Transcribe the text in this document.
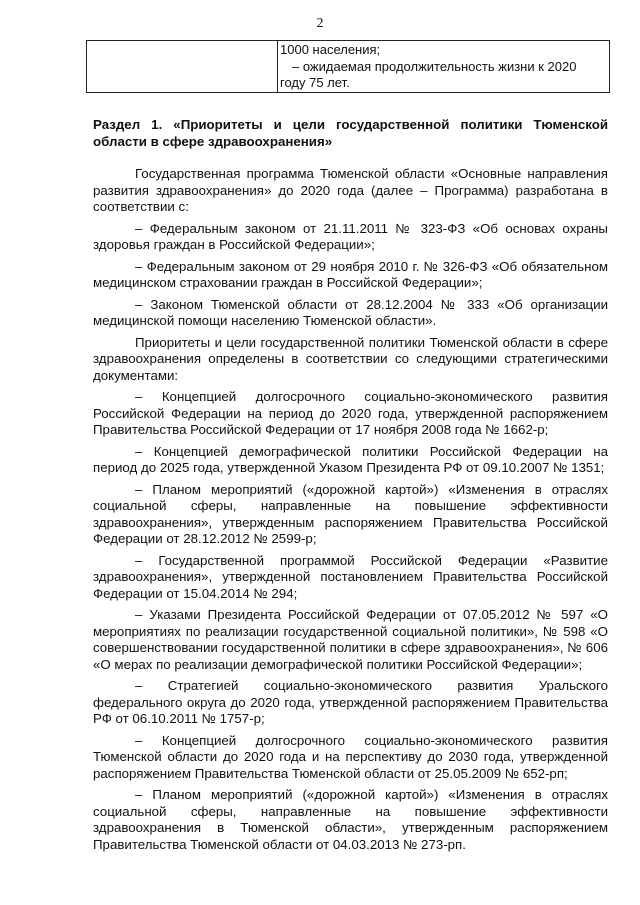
2

1000 населения;
– ожидаемая продолжительность жизни к 2020
году 75 лет.
Раздел 1. «Приоритеты и цели государственной политики Тюменской области в сфере здравоохранения»

Государственная программа Тюменской области «Основные направления развития здравоохранения» до 2020 года (далее – Программа) разработана в соответствии с:

– Федеральным законом от 21.11.2011 № 323-ФЗ «Об основах охраны здоровья граждан в Российской Федерации»;

– Федеральным законом от 29 ноября 2010 г. № 326-ФЗ «Об обязательном медицинском страховании граждан в Российской Федерации»;

– Законом Тюменской области от 28.12.2004 № 333 «Об организации медицинской помощи населению Тюменской области».

Приоритеты и цели государственной политики Тюменской области в сфере здравоохранения определены в соответствии со следующими стратегическими документами:

– Концепцией долгосрочного социально-экономического развития Российской Федерации на период до 2020 года, утвержденной распоряжением Правительства Российской Федерации от 17 ноября 2008 года № 1662-р;

– Концепцией демографической политики Российской Федерации на период до 2025 года, утвержденной Указом Президента РФ от 09.10.2007 № 1351;

– Планом мероприятий («дорожной картой») «Изменения в отраслях социальной сферы, направленные на повышение эффективности здравоохранения», утвержденным распоряжением Правительства Российской Федерации от 28.12.2012 № 2599-р;

– Государственной программой Российской Федерации «Развитие здравоохранения», утвержденной постановлением Правительства Российской Федерации от 15.04.2014 № 294;

– Указами Президента Российской Федерации от 07.05.2012 № 597 «О мероприятиях по реализации государственной социальной политики», № 598 «О совершенствовании государственной политики в сфере здравоохранения», № 606 «О мерах по реализации демографической политики Российской Федерации»;

– Стратегией социально-экономического развития Уральского федерального округа до 2020 года, утвержденной распоряжением Правительства РФ от 06.10.2011 № 1757-р;

– Концепцией долгосрочного социально-экономического развития Тюменской области до 2020 года и на перспективу до 2030 года, утвержденной распоряжением Правительства Тюменской области от 25.05.2009 № 652-рп;

– Планом мероприятий («дорожной картой») «Изменения в отраслях социальной сферы, направленные на повышение эффективности здравоохранения в Тюменской области», утвержденным распоряжением Правительства Тюменской области от 04.03.2013 № 273-рп.
